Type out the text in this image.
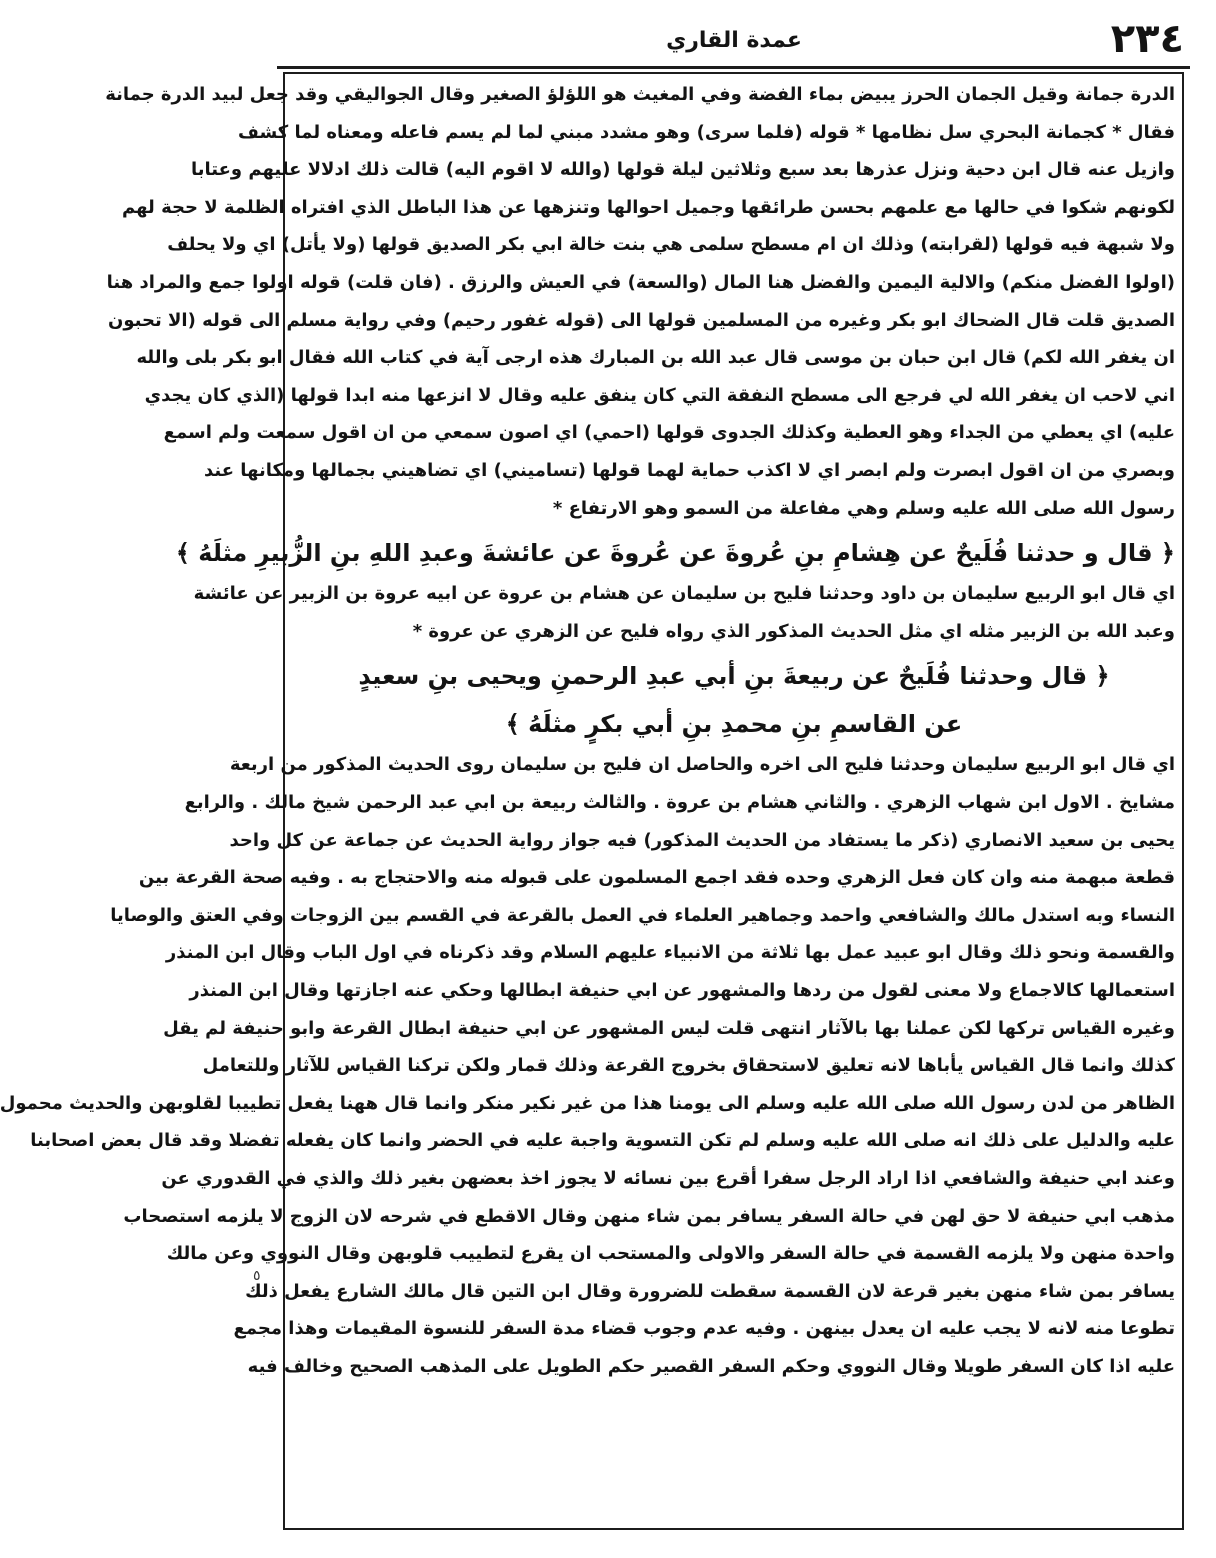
٢٣٤
عمدة القاري
الدرة جمانة وقيل الجمان الحرز يبيض بماء الفضة وفي المغيث هو اللؤلؤ الصغير وقال الجواليقي وقد جعل لبيد الدرة جمانة
فقال * كجمانة البحري سل نظامها * قوله (فلما سرى) وهو مشدد مبني لما لم يسم فاعله ومعناه لما كشف
وازيل عنه قال ابن دحية ونزل عذرها بعد سبع وثلاثين ليلة قولها (والله لا اقوم اليه) قالت ذلك ادلالا عليهم وعتابا
لكونهم شكوا في حالها مع علمهم بحسن طرائقها وجميل احوالها وتنزهها عن هذا الباطل الذي افتراه الظلمة لا حجة لهم
ولا شبهة فيه قولها (لقرابته) وذلك ان ام مسطح سلمى هي بنت خالة ابي بكر الصديق قولها (ولا يأتل) اي ولا يحلف
(اولوا الفضل منكم) والالية اليمين والفضل هنا المال (والسعة) في العيش والرزق . (فان قلت) قوله اولوا جمع والمراد هنا
الصديق قلت قال الضحاك ابو بكر وغيره من المسلمين قولها الى (قوله غفور رحيم) وفي رواية مسلم الى قوله (الا تحبون
ان يغفر الله لكم) قال ابن حبان بن موسى قال عبد الله بن المبارك هذه ارجى آية في كتاب الله فقال ابو بكر بلى والله
اني لاحب ان يغفر الله لي فرجع الى مسطح النفقة التي كان ينفق عليه وقال لا انزعها منه ابدا قولها (الذي كان يجدي
عليه) اي يعطي من الجداء وهو العطية وكذلك الجدوى قولها (احمي) اي اصون سمعي من ان اقول سمعت ولم اسمع
وبصري من ان اقول ابصرت ولم ابصر اي لا اكذب حماية لهما قولها (تساميني) اي تضاهيني بجمالها ومكانها عند
رسول الله صلى الله عليه وسلم وهي مفاعلة من السمو وهو الارتفاع *
﴿ قال و حدثنا فُلَيحٌ عن هِشامِ بنِ عُروةَ عن عُروةَ عن عائشةَ وعبدِ اللهِ بنِ الزُّبيرِ مثلَهُ ﴾
اي قال ابو الربيع سليمان بن داود وحدثنا فليح بن سليمان عن هشام بن عروة عن ابيه عروة بن الزبير عن عائشة
وعبد الله بن الزبير مثله اي مثل الحديث المذكور الذي رواه فليح عن الزهري عن عروة *
﴿ قال وحدثنا فُلَيحٌ عن ربيعةَ بنِ أبي عبدِ الرحمنِ ويحيى بنِ سعيدٍ
عن القاسمِ بنِ محمدِ بنِ أبي بكرٍ مثلَهُ ﴾
اي قال ابو الربيع سليمان وحدثنا فليح الى اخره والحاصل ان فليح بن سليمان روى الحديث المذكور من اربعة
مشايخ . الاول ابن شهاب الزهري . والثاني هشام بن عروة . والثالث ربيعة بن ابي عبد الرحمن شيخ مالك . والرابع
يحيى بن سعيد الانصاري (ذكر ما يستفاد من الحديث المذكور) فيه جواز رواية الحديث عن جماعة عن كل واحد
قطعة مبهمة منه وان كان فعل الزهري وحده فقد اجمع المسلمون على قبوله منه والاحتجاج به . وفيه صحة القرعة بين
النساء وبه استدل مالك والشافعي واحمد وجماهير العلماء في العمل بالقرعة في القسم بين الزوجات وفي العتق والوصايا
والقسمة ونحو ذلك وقال ابو عبيد عمل بها ثلاثة من الانبياء عليهم السلام وقد ذكرناه في اول الباب وقال ابن المنذر
استعمالها كالاجماع ولا معنى لقول من ردها والمشهور عن ابي حنيفة ابطالها وحكي عنه اجازتها وقال ابن المنذر
وغيره القياس تركها لكن عملنا بها بالآثار انتهى قلت ليس المشهور عن ابي حنيفة ابطال القرعة وابو حنيفة لم يقل
كذلك وانما قال القياس يأباها لانه تعليق لاستحقاق بخروج القرعة وذلك قمار ولكن تركنا القياس للآثار وللتعامل
الظاهر من لدن رسول الله صلى الله عليه وسلم الى يومنا هذا من غير نكير منكر وانما قال ههنا يفعل تطييبا لقلوبهن والحديث محمول
عليه والدليل على ذلك انه صلى الله عليه وسلم لم تكن التسوية واجبة عليه في الحضر وانما كان يفعله تفضلا وقد قال بعض اصحابنا
وعند ابي حنيفة والشافعي اذا اراد الرجل سفرا أقرع بين نسائه لا يجوز اخذ بعضهن بغير ذلك والذي في القدوري عن
مذهب ابي حنيفة لا حق لهن في حالة السفر يسافر بمن شاء منهن وقال الاقطع في شرحه لان الزوج لا يلزمه استصحاب
واحدة منهن ولا يلزمه القسمة في حالة السفر والاولى والمستحب ان يقرع لتطييب قلوبهن وقال النووي وعن مالك
يسافر بمن شاء منهن بغير قرعة لان القسمة سقطت للضرورة وقال ابن التين قال مالك الشارع يفعل ذلك
تطوعا منه لانه لا يجب عليه ان يعدل بينهن . وفيه عدم وجوب قضاء مدة السفر للنسوة المقيمات وهذا مجمع
عليه اذا كان السفر طويلا وقال النووي وحكم السفر القصير حكم الطويل على المذهب الصحيح وخالف فيه
٥
